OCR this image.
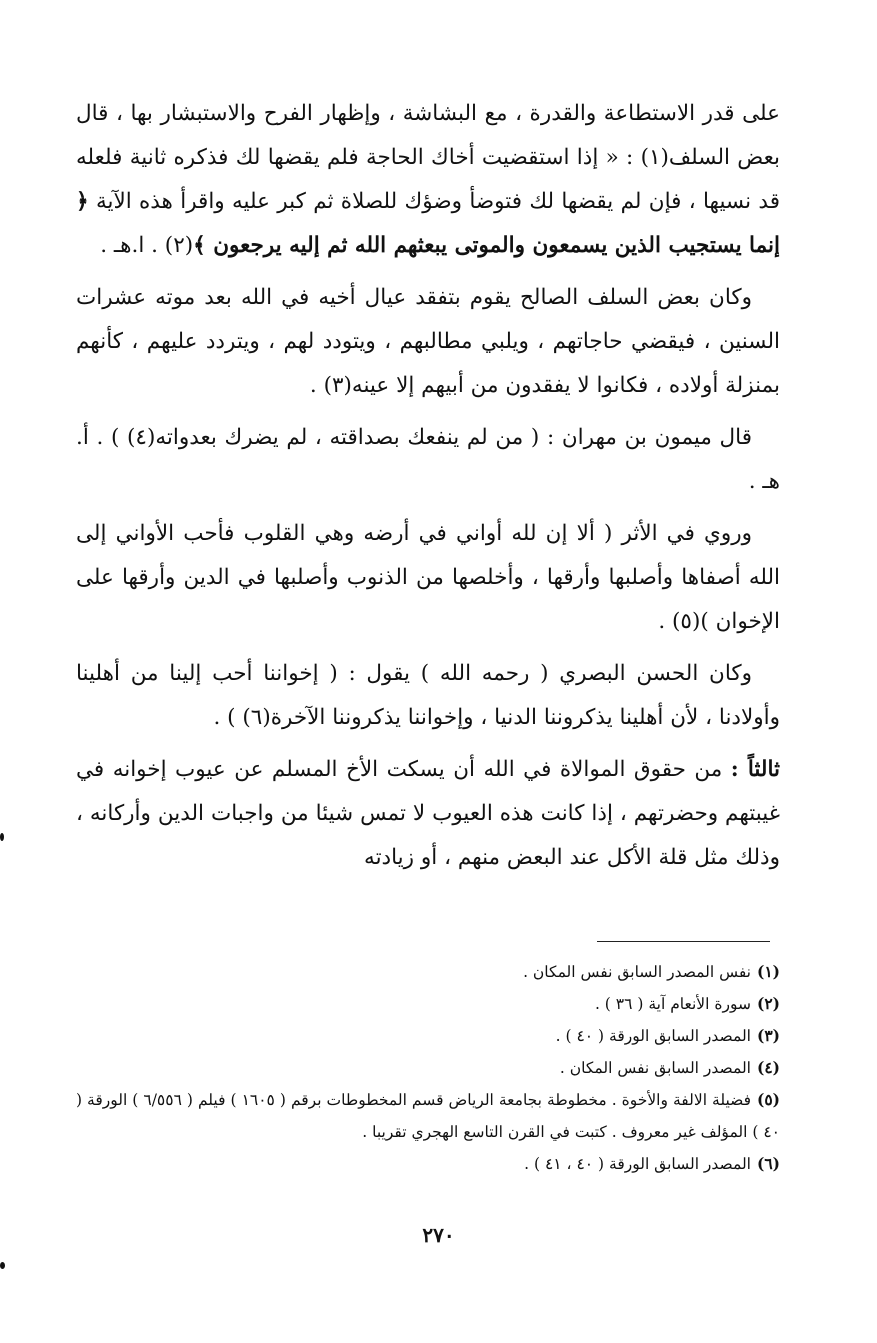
على قدر الاستطاعة والقدرة ، مع البشاشة ، وإظهار الفرح والاستبشار بها ، قال بعض السلف(١) : « إذا استقضيت أخاك الحاجة فلم يقضها لك فذكره ثانية فلعله قد نسيها ، فإن لم يقضها لك فتوضأ وضؤك للصلاة ثم كبر عليه واقرأ هذه الآية ﴿ إنما يستجيب الذين يسمعون والموتى يبعثهم الله ثم إليه يرجعون ﴾(٢) . ا.هـ .

وكان بعض السلف الصالح يقوم بتفقد عيال أخيه في الله بعد موته عشرات السنين ، فيقضي حاجاتهم ، ويلبي مطالبهم ، ويتودد لهم ، ويتردد عليهم ، كأنهم بمنزلة أولاده ، فكانوا لا يفقدون من أبيهم إلا عينه(٣) .

قال ميمون بن مهران : ( من لم ينفعك بصداقته ، لم يضرك بعدواته(٤) ) . أ. هـ .

وروي في الأثر ( ألا إن لله أواني في أرضه وهي القلوب فأحب الأواني إلى الله أصفاها وأصلبها وأرقها ، وأخلصها من الذنوب وأصلبها في الدين وأرقها على الإخوان )(٥) .

وكان الحسن البصري ( رحمه الله ) يقول : ( إخواننا أحب إلينا من أهلينا وأولادنا ، لأن أهلينا يذكروننا الدنيا ، وإخواننا يذكروننا الآخرة(٦) ) .

ثالثاً : من حقوق الموالاة في الله أن يسكت الأخ المسلم عن عيوب إخوانه في غيبتهم وحضرتهم ، إذا كانت هذه العيوب لا تمس شيئا من واجبات الدين وأركانه ، وذلك مثل قلة الأكل عند البعض منهم ، أو زيادته

(١)نفس المصدر السابق نفس المكان .

(٢)سورة الأنعام آية ( ٣٦ ) .

(٣)المصدر السابق الورقة ( ٤٠ ) .

(٤)المصدر السابق نفس المكان .

(٥)فضيلة الالفة والأخوة . مخطوطة بجامعة الرياض قسم المخطوطات برقم ( ١٦٠٥ ) فيلم ( ٦/٥٥٦ ) الورقة ( ٤٠ ) المؤلف غير معروف . كتبت في القرن التاسع الهجري تقريبا .

(٦)المصدر السابق الورقة ( ٤٠ ، ٤١ ) .

٢٧٠
